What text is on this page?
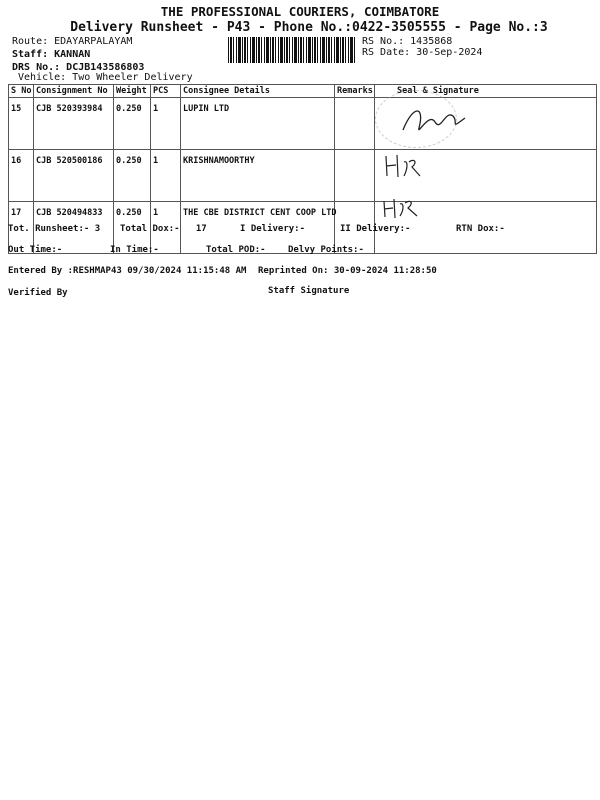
THE PROFESSIONAL COURIERS, COIMBATORE
Delivery Runsheet - P43 - Phone No.:0422-3505555 - Page No.:3
Route: EDAYARPALAYAM
Staff: KANNAN
DRS No.: DCJB143586803
Vehicle: Two Wheeler Delivery
RS No.: 1435868
RS Date: 30-Sep-2024
S No	Consignment No	Weight	PCS	Consignee Details	Remarks	Seal & Signature
15	CJB 520393984	0.250	1	LUPIN LTD		
16	CJB 520500186	0.250	1	KRISHNAMOORTHY		
17	CJB 520494833	0.250	1	THE CBE DISTRICT CENT COOP LTD		
Tot. Runsheet:- 3 Total Dox:-   17	I Delivery:-	II Delivery:-	RTN Dox:-
Out Time:-	In Time:-	Total POD:- Delvy Points:-
Entered By :RESHMAP43 09/30/2024 11:15:48 AM Reprinted On: 30-09-2024 11:28:50
Verified By	Staff Signature
